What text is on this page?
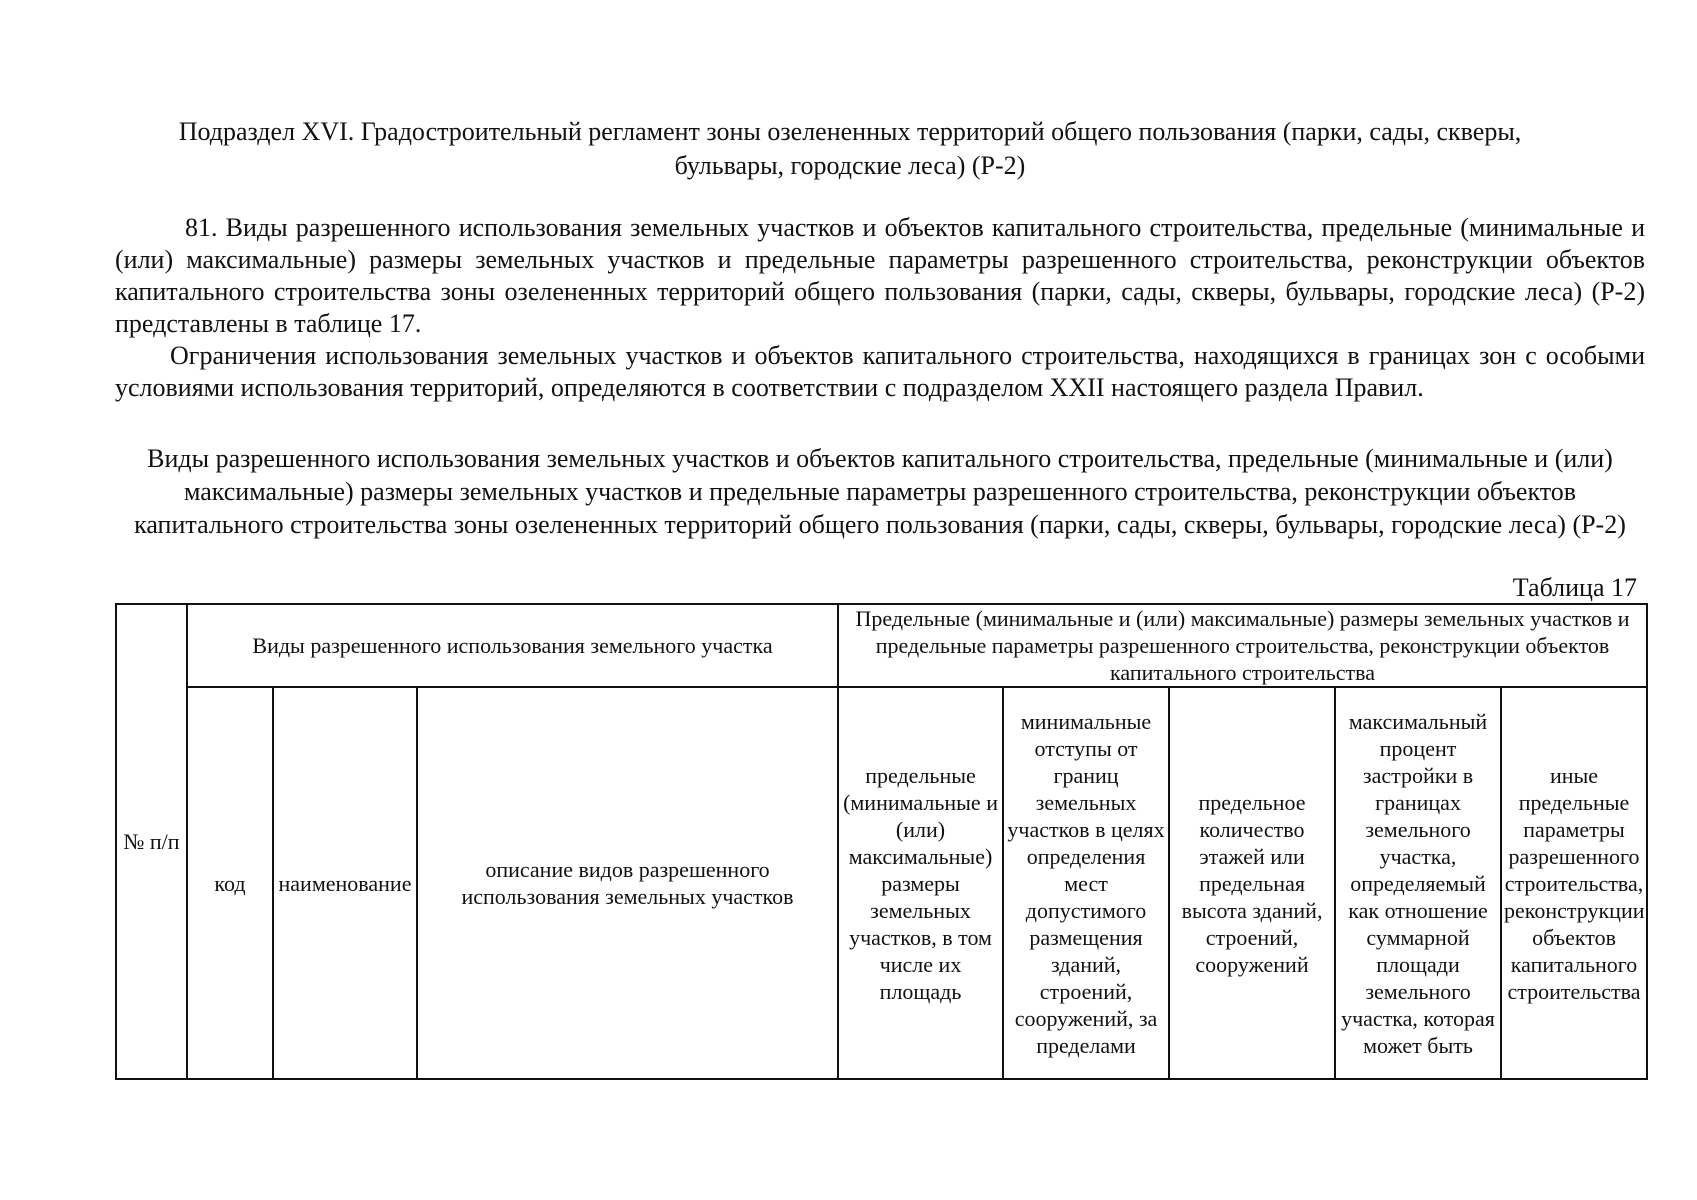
Подраздел XVI. Градостроительный регламент зоны озелененных территорий общего пользования (парки, сады, скверы, бульвары, городские леса) (Р-2)

81. Виды разрешенного использования земельных участков и объектов капитального строительства, предельные (минимальные и (или) максимальные) размеры земельных участков и предельные параметры разрешенного строительства, реконструкции объектов капитального строительства зоны озелененных территорий общего пользования (парки, сады, скверы, бульвары, городские леса) (Р-2) представлены в таблице 17.

Ограничения использования земельных участков и объектов капитального строительства, находящихся в границах зон с особыми условиями использования территорий, определяются в соответствии с подразделом XXII настоящего раздела Правил.

Виды разрешенного использования земельных участков и объектов капитального строительства, предельные (минимальные и (или) максимальные) размеры земельных участков и предельные параметры разрешенного строительства, реконструкции объектов капитального строительства зоны озелененных территорий общего пользования (парки, сады, скверы, бульвары, городские леса) (Р-2)
Таблица 17
№ п/п	Виды разрешенного использования земельного участка			Предельные (минимальные и (или) максимальные) размеры земельных участков и предельные параметры разрешенного строительства, реконструкции объектов капитального строительства				
	код	наименование	описание видов разрешенного использования земельных участков	предельные (минимальные и (или) максимальные) размеры земельных участков, в том числе их площадь	минимальные отступы от границ земельных участков в целях определения мест допустимого размещения зданий, строений, сооружений, за пределами	предельное количество этажей или предельная высота зданий, строений, сооружений	максимальный процент застройки в границах земельного участка, определяемый как отношение суммарной площади земельного участка, которая может быть	иные предельные параметры разрешенного строительства, реконструкции объектов капитального строительства
